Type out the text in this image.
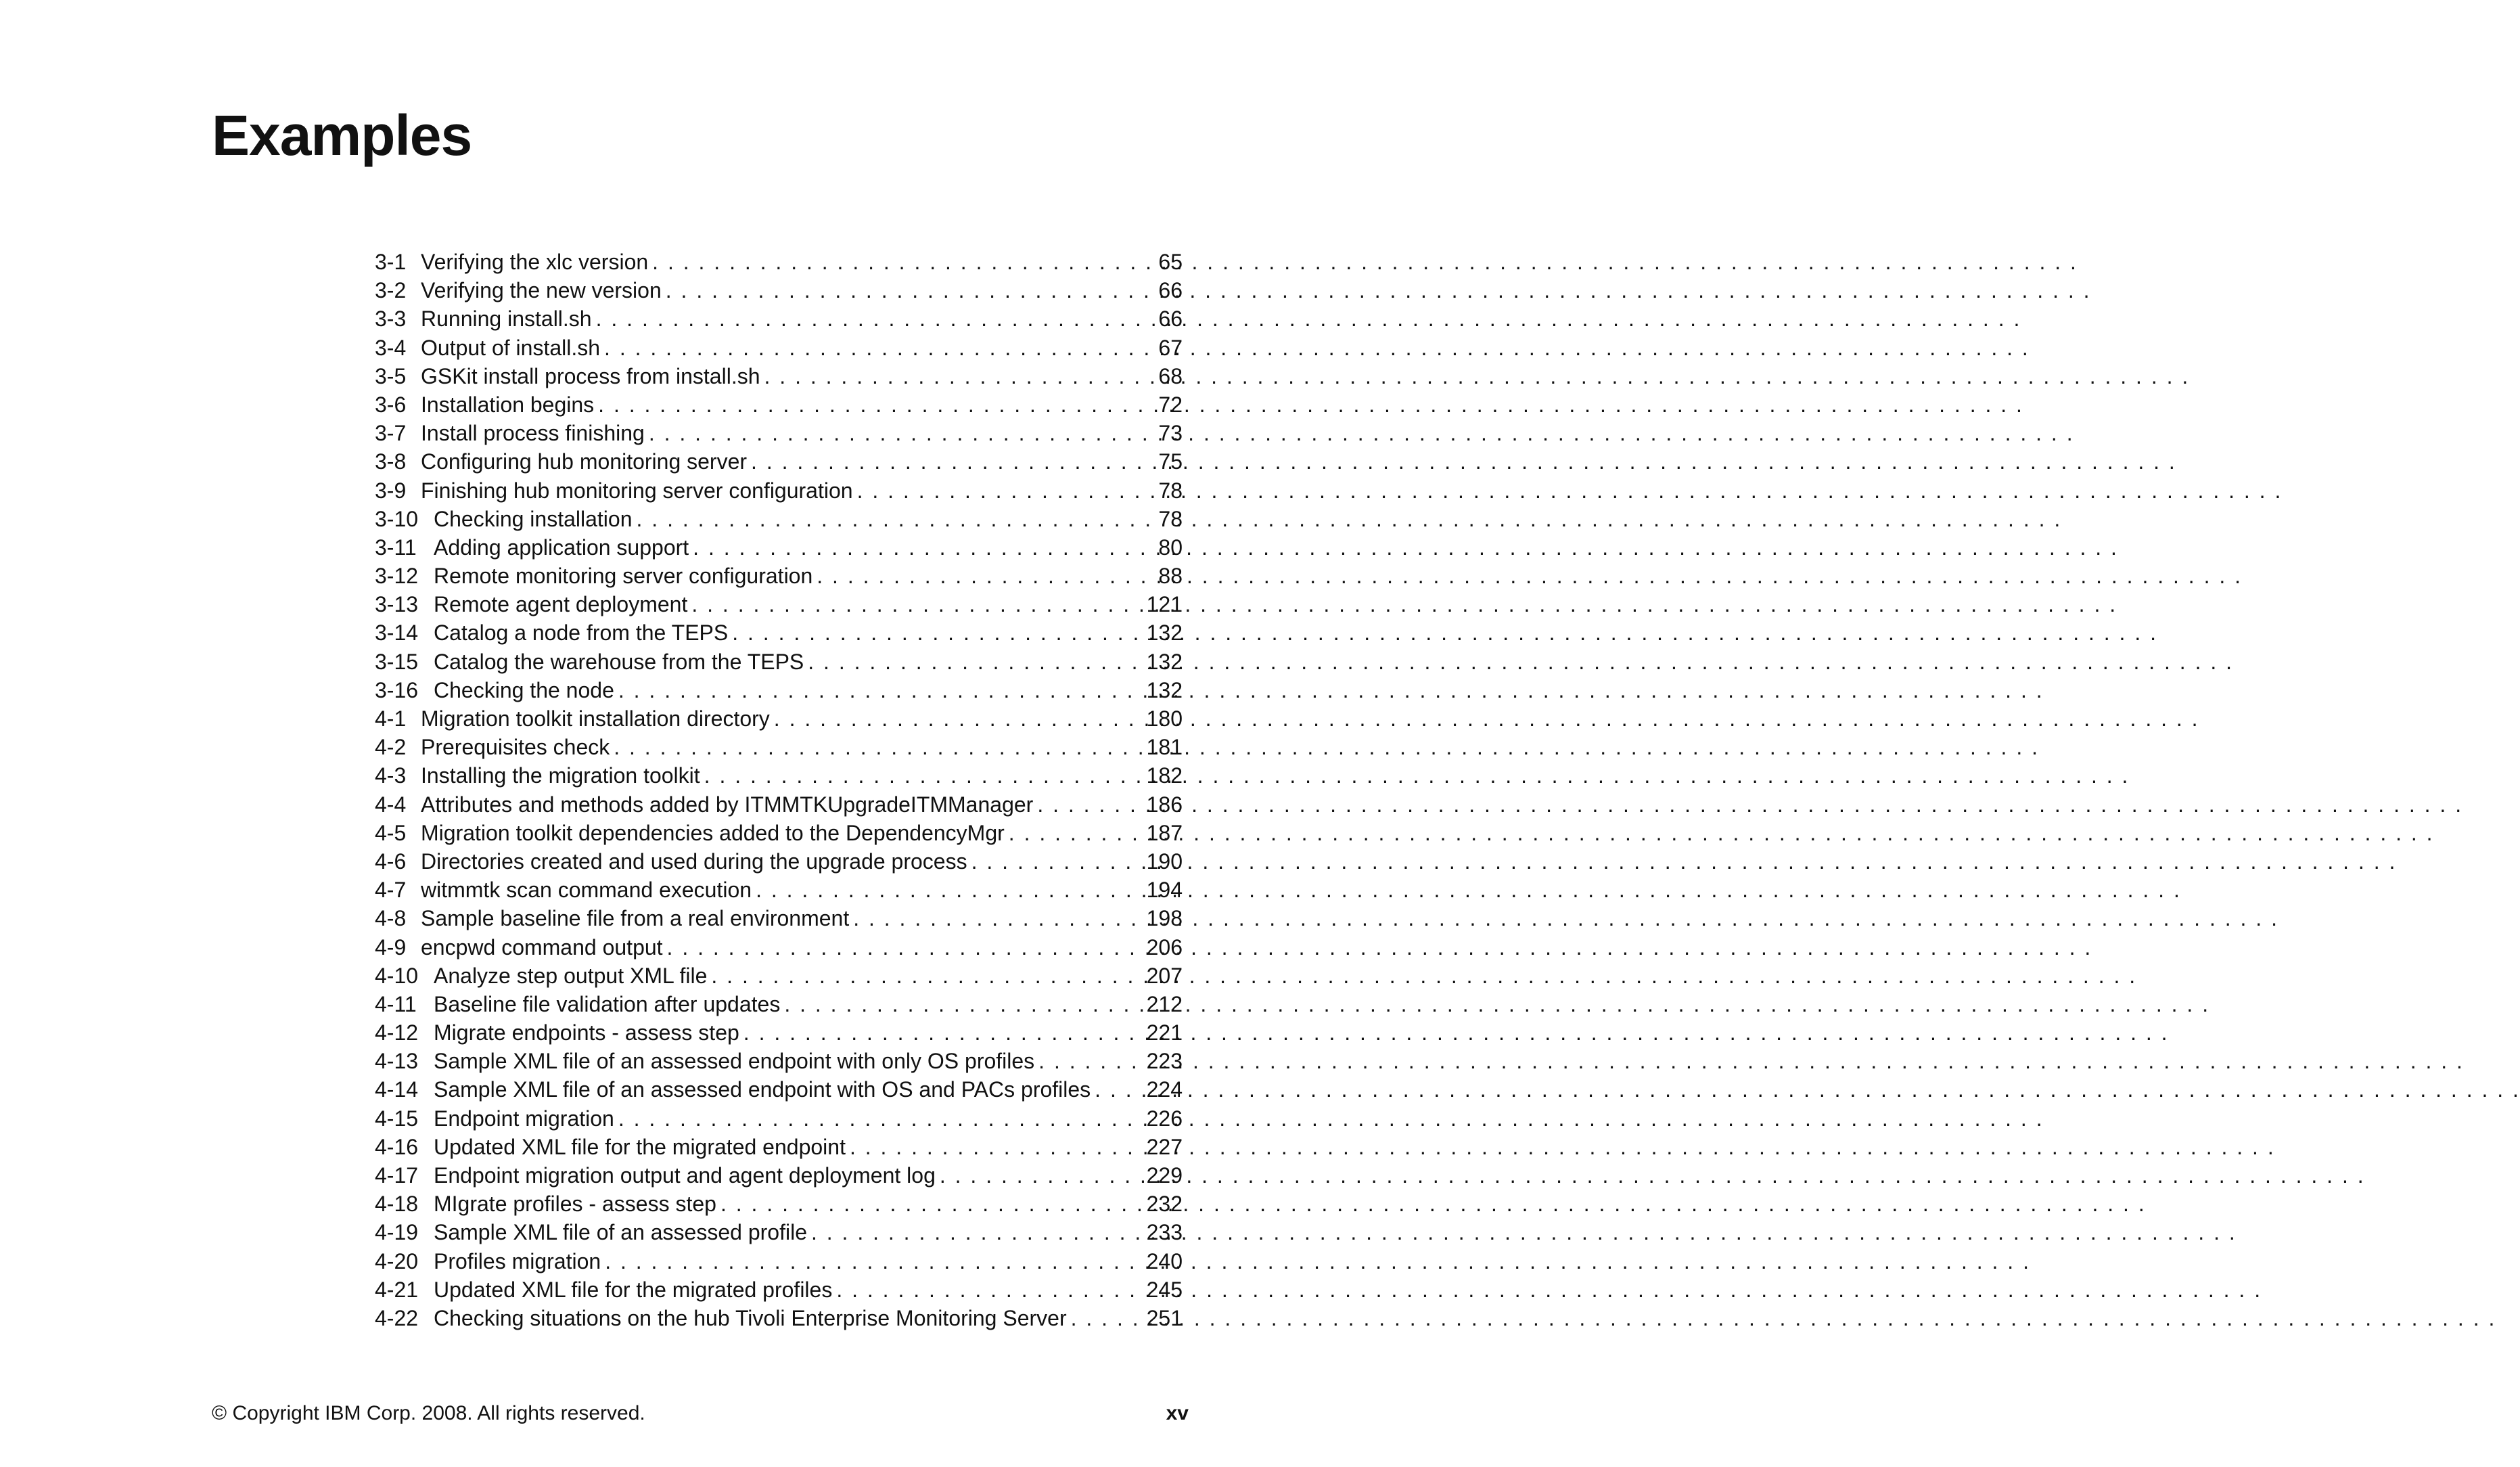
Examples
3-1 Verifying the xlc version . . .	65
3-2 Verifying the new version . . .	66
3-3 Running install.sh . . .	66
3-4 Output of install.sh . . .	67
3-5 GSKit install process from install.sh . . .	68
3-6 Installation begins . . .	72
3-7 Install process finishing . . .	73
3-8 Configuring hub monitoring server . . .	75
3-9 Finishing hub monitoring server configuration . . .	78
3-10 Checking installation . . .	78
3-11 Adding application support . . .	80
3-12 Remote monitoring server configuration . . .	88
3-13 Remote agent deployment . . .	121
3-14 Catalog a node from the TEPS . . .	132
3-15 Catalog the warehouse from the TEPS . . .	132
3-16 Checking the node . . .	132
4-1 Migration toolkit installation directory . . .	180
4-2 Prerequisites check . . .	181
4-3 Installing the migration toolkit . . .	182
4-4 Attributes and methods added by ITMMTKUpgradeITMManager . . .	186
4-5 Migration toolkit dependencies added to the DependencyMgr . . .	187
4-6 Directories created and used during the upgrade process . . .	190
4-7 witmmtk scan command execution . . .	194
4-8 Sample baseline file from a real environment . . .	198
4-9 encpwd command output . . .	206
4-10 Analyze step output XML file . . .	207
4-11 Baseline file validation after updates . . .	212
4-12 Migrate endpoints - assess step . . .	221
4-13 Sample XML file of an assessed endpoint with only OS profiles . . .	223
4-14 Sample XML file of an assessed endpoint with OS and PACs profiles . . .	224
4-15 Endpoint migration . . .	226
4-16 Updated XML file for the migrated endpoint . . .	227
4-17 Endpoint migration output and agent deployment log . . .	229
4-18 MIgrate profiles - assess step . . .	232
4-19 Sample XML file of an assessed profile . . .	233
4-20 Profiles migration . . .	240
4-21 Updated XML file for the migrated profiles . . .	245
4-22 Checking situations on the hub Tivoli Enterprise Monitoring Server . . .	251
© Copyright IBM Corp. 2008. All rights reserved.	xv
